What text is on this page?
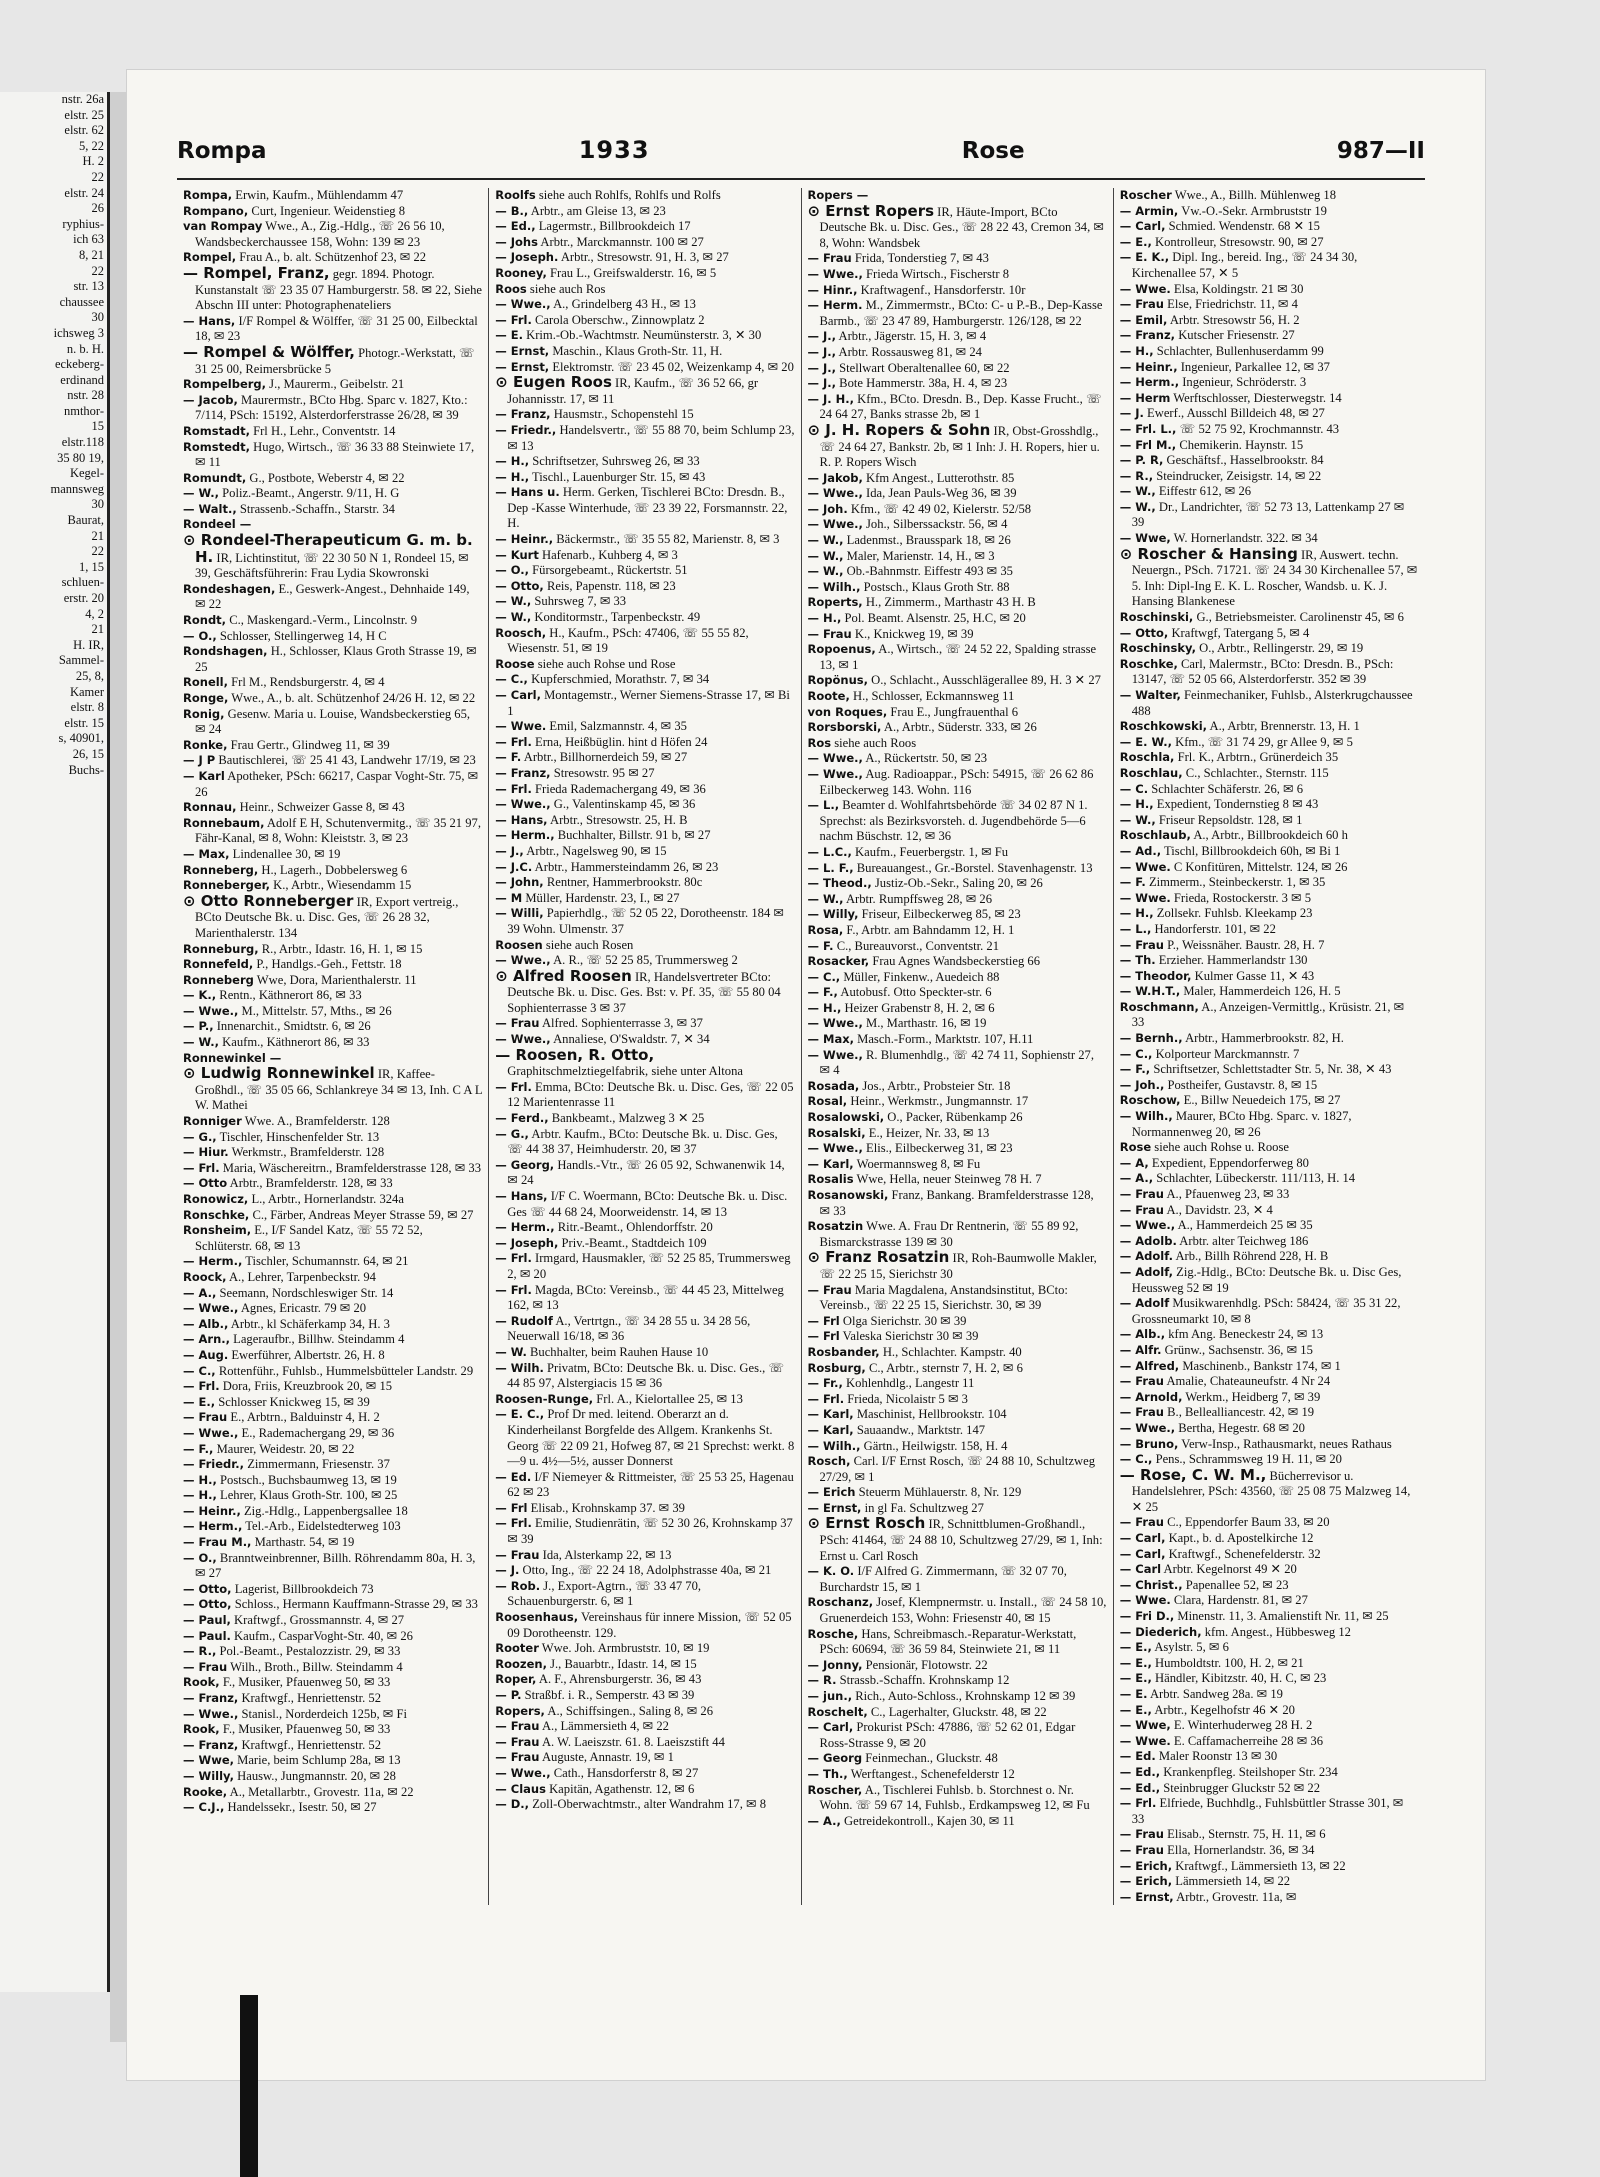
nstr. 26a
elstr. 25
elstr. 62
5, 22
H. 2
22
elstr. 24
26
ryphius-
ich 63
8, 21
22
str. 13
chaussee
30
ichsweg 3
n. b. H.
eckeberg-
erdinand
nstr. 28
nmthor-
15
elstr.118
35 80 19,
Kegel-
mannsweg
30
Baurat,
21
22
1, 15
schluen-
erstr. 20
4, 2
21
H. IR,
Sammel-
25, 8,
Kamer
elstr. 8
elstr. 15
s, 40901,
26, 15
Buchs-
Rompa	1933	Rose	987—II

Rompa, Erwin, Kaufm., Mühlendamm 47

Rompano, Curt, Ingenieur. Weidenstieg 8

van Rompay Wwe., A., Zig.-Hdlg., ☏ 26 56 10, Wandsbeckerchaussee 158, Wohn: 139 ✉ 23

Rompel, Frau A., b. alt. Schützenhof 23, ✉ 22

— Rompel, Franz, gegr. 1894. Photogr. Kunstanstalt ☏ 23 35 07 Hamburgerstr. 58. ✉ 22, Siehe Abschn III unter: Photographenateliers

— Hans, I/F Rompel & Wölffer, ☏ 31 25 00, Eilbecktal 18, ✉ 23

— Rompel & Wölffer, Photogr.-Werkstatt, ☏ 31 25 00, Reimersbrücke 5

Rompelberg, J., Maurerm., Geibelstr. 21

— Jacob, Maurermstr., BCto Hbg. Sparc v. 1827, Kto.: 7/114, PSch: 15192, Alsterdorferstrasse 26/28, ✉ 39

Romstadt, Frl H., Lehr., Conventstr. 14

Romstedt, Hugo, Wirtsch., ☏ 36 33 88 Steinwiete 17, ✉ 11

Romundt, G., Postbote, Weberstr 4, ✉ 22

— W., Poliz.-Beamt., Angerstr. 9/11, H. G

— Walt., Strassenb.-Schaffn., Starstr. 34

Rondeel —

⊙ Rondeel-Therapeuticum G. m. b. H. IR, Lichtinstitut, ☏ 22 30 50 N 1, Rondeel 15, ✉ 39, Geschäftsführerin: Frau Lydia Skowronski

Rondeshagen, E., Geswerk-Angest., Dehnhaide 149, ✉ 22

Rondt, C., Maskengard.-Verm., Lincolnstr. 9

— O., Schlosser, Stellingerweg 14, H C

Rondshagen, H., Schlosser, Klaus Groth Strasse 19, ✉ 25

Ronell, Frl M., Rendsburgerstr. 4, ✉ 4

Ronge, Wwe., A., b. alt. Schützenhof 24/26 H. 12, ✉ 22

Ronig, Gesenw. Maria u. Louise, Wandsbeckerstieg 65, ✉ 24

Ronke, Frau Gertr., Glindweg 11, ✉ 39

— J P Bautischlerei, ☏ 25 41 43, Landwehr 17/19, ✉ 23

— Karl Apotheker, PSch: 66217, Caspar Voght-Str. 75, ✉ 26

Ronnau, Heinr., Schweizer Gasse 8, ✉ 43

Ronnebaum, Adolf E H, Schutenvermitg., ☏ 35 21 97, Fähr-Kanal, ✉ 8, Wohn: Kleiststr. 3, ✉ 23

— Max, Lindenallee 30, ✉ 19

Ronneberg, H., Lagerh., Dobbelersweg 6

Ronneberger, K., Arbtr., Wiesendamm 15

⊙ Otto Ronneberger IR, Export vertreig., BCto Deutsche Bk. u. Disc. Ges, ☏ 26 28 32, Marienthalerstr. 134

Ronneburg, R., Arbtr., Idastr. 16, H. 1, ✉ 15

Ronnefeld, P., Handlgs.-Geh., Fettstr. 18

Ronneberg Wwe, Dora, Marienthalerstr. 11

— K., Rentn., Käthnerort 86, ✉ 33

— Wwe., M., Mittelstr. 57, Mths., ✉ 26

— P., Innenarchit., Smidtstr. 6, ✉ 26

— W., Kaufm., Käthnerort 86, ✉ 33

Ronnewinkel —

⊙ Ludwig Ronnewinkel IR, Kaffee-Großhdl., ☏ 35 05 66, Schlankreye 34 ✉ 13, Inh. C A L W. Mathei

Ronniger Wwe. A., Bramfelderstr. 128

— G., Tischler, Hinschenfelder Str. 13

— Hiur. Werkmstr., Bramfelderstr. 128

— Frl. Maria, Wäschereitrn., Bramfelderstrasse 128, ✉ 33

— Otto Arbtr., Bramfelderstr. 128, ✉ 33

Ronowicz, L., Arbtr., Hornerlandstr. 324a

Ronschke, C., Färber, Andreas Meyer Strasse 59, ✉ 27

Ronsheim, E., I/F Sandel Katz, ☏ 55 72 52, Schlüterstr. 68, ✉ 13

— Herm., Tischler, Schumannstr. 64, ✉ 21

Roock, A., Lehrer, Tarpenbeckstr. 94

— A., Seemann, Nordschleswiger Str. 14

— Wwe., Agnes, Ericastr. 79 ✉ 20

— Alb., Arbtr., kl Schäferkamp 34, H. 3

— Arn., Lageraufbr., Billhw. Steindamm 4

— Aug. Ewerführer, Albertstr. 26, H. 8

— C., Rottenführ., Fuhlsb., Hummelsbütteler Landstr. 29

— Frl. Dora, Friis, Kreuzbrook 20, ✉ 15

— E., Schlosser Knickweg 15, ✉ 39

— Frau E., Arbtrn., Balduinstr 4, H. 2

— Wwe., E., Rademachergang 29, ✉ 36

— F., Maurer, Weidestr. 20, ✉ 22

— Friedr., Zimmermann, Friesenstr. 37

— H., Postsch., Buchsbaumweg 13, ✉ 19

— H., Lehrer, Klaus Groth-Str. 100, ✉ 25

— Heinr., Zig.-Hdlg., Lappenbergsallee 18

— Herm., Tel.-Arb., Eidelstedterweg 103

— Frau M., Marthastr. 54, ✉ 19

— O., Branntweinbrenner, Billh. Röhrendamm 80a, H. 3, ✉ 27

— Otto, Lagerist, Billbrookdeich 73

— Otto, Schloss., Hermann Kauffmann-Strasse 29, ✉ 33

— Paul, Kraftwgf., Grossmannstr. 4, ✉ 27

— Paul. Kaufm., CasparVoght-Str. 40, ✉ 26

— R., Pol.-Beamt., Pestalozzistr. 29, ✉ 33

— Frau Wilh., Broth., Billw. Steindamm 4

Rook, F., Musiker, Pfauenweg 50, ✉ 33

— Franz, Kraftwgf., Henriettenstr. 52

— Wwe., Stanisl., Norderdeich 125b, ✉ Fi

Rook, F., Musiker, Pfauenweg 50, ✉ 33

— Franz, Kraftwgf., Henriettenstr. 52

— Wwe, Marie, beim Schlump 28a, ✉ 13

— Willy, Hausw., Jungmannstr. 20, ✉ 28

Rooke, A., Metallarbtr., Grovestr. 11a, ✉ 22

— C.J., Handelssekr., Isestr. 50, ✉ 27

Roolfs siehe auch Rohlfs, Rohlfs und Rolfs

— B., Arbtr., am Gleise 13, ✉ 23

— Ed., Lagermstr., Billbrookdeich 17

— Johs Arbtr., Marckmannstr. 100 ✉ 27

— Joseph. Arbtr., Stresowstr. 91, H. 3, ✉ 27

Rooney, Frau L., Greifswalderstr. 16, ✉ 5

Roos siehe auch Ros

— Wwe., A., Grindelberg 43 H., ✉ 13

— Frl. Carola Oberschw., Zinnowplatz 2

— E. Krim.-Ob.-Wachtmstr. Neumünsterstr. 3, ✕ 30

— Ernst, Maschin., Klaus Groth-Str. 11, H.

— Ernst, Elektromstr. ☏ 23 45 02, Weizenkamp 4, ✉ 20

⊙ Eugen Roos IR, Kaufm., ☏ 36 52 66, gr Johannisstr. 17, ✉ 11

— Franz, Hausmstr., Schopenstehl 15

— Friedr., Handelsvertr., ☏ 55 88 70, beim Schlump 23, ✉ 13

— H., Schriftsetzer, Suhrsweg 26, ✉ 33

— H., Tischl., Lauenburger Str. 15, ✉ 43

— Hans u. Herm. Gerken, Tischlerei BCto: Dresdn. B., Dep -Kasse Winterhude, ☏ 23 39 22, Forsmannstr. 22, H.

— Heinr., Bäckermstr., ☏ 35 55 82, Marienstr. 8, ✉ 3

— Kurt Hafenarb., Kuhberg 4, ✉ 3

— O., Fürsorgebeamt., Rückertstr. 51

— Otto, Reis, Papenstr. 118, ✉ 23

— W., Suhrsweg 7, ✉ 33

— W., Konditormstr., Tarpenbeckstr. 49

Roosch, H., Kaufm., PSch: 47406, ☏ 55 55 82, Wiesenstr. 51, ✉ 19

Roose siehe auch Rohse und Rose

— C., Kupferschmied, Morathstr. 7, ✉ 34

— Carl, Montagemstr., Werner Siemens-Strasse 17, ✉ Bi 1

— Wwe. Emil, Salzmannstr. 4, ✉ 35

— Frl. Erna, Heißbüglin. hint d Höfen 24

— F. Arbtr., Billhornerdeich 59, ✉ 27

— Franz, Stresowstr. 95 ✉ 27

— Frl. Frieda Rademachergang 49, ✉ 36

— Wwe., G., Valentinskamp 45, ✉ 36

— Hans, Arbtr., Stresowstr. 25, H. B

— Herm., Buchhalter, Billstr. 91 b, ✉ 27

— J., Arbtr., Nagelsweg 90, ✉ 15

— J.C. Arbtr., Hammersteindamm 26, ✉ 23

— John, Rentner, Hammerbrookstr. 80c

— M Müller, Hardenstr. 23, I., ✉ 27

— Willi, Papierhdlg., ☏ 52 05 22, Dorotheenstr. 184 ✉ 39 Wohn. Ulmenstr. 37

Roosen siehe auch Rosen

— Wwe., A. R., ☏ 52 25 85, Trummersweg 2

⊙ Alfred Roosen IR, Handelsvertreter BCto: Deutsche Bk. u. Disc. Ges. Bst: v. Pf. 35, ☏ 55 80 04 Sophienterrasse 3 ✉ 37

— Frau Alfred. Sophienterrasse 3, ✉ 37

— Wwe., Annaliese, O'Swaldstr. 7, ✕ 34

— Roosen, R. Otto, Graphitschmelztiegelfabrik, siehe unter Altona

— Frl. Emma, BCto: Deutsche Bk. u. Disc. Ges, ☏ 22 05 12 Marientenrasse 11

— Ferd., Bankbeamt., Malzweg 3 ✕ 25

— G., Arbtr. Kaufm., BCto: Deutsche Bk. u. Disc. Ges, ☏ 44 38 37, Heimhuderstr. 20, ✉ 37

— Georg, Handls.-Vtr., ☏ 26 05 92, Schwanenwik 14, ✉ 24

— Hans, I/F C. Woermann, BCto: Deutsche Bk. u. Disc. Ges ☏ 44 68 24, Moorweidenstr. 14, ✉ 13

— Herm., Ritr.-Beamt., Ohlendorffstr. 20

— Joseph, Priv.-Beamt., Stadtdeich 109

— Frl. Irmgard, Hausmakler, ☏ 52 25 85, Trummersweg 2, ✉ 20

— Frl. Magda, BCto: Vereinsb., ☏ 44 45 23, Mittelweg 162, ✉ 13

— Rudolf A., Vertrtgn., ☏ 34 28 55 u. 34 28 56, Neuerwall 16/18, ✉ 36

— W. Buchhalter, beim Rauhen Hause 10

— Wilh. Privatm, BCto: Deutsche Bk. u. Disc. Ges., ☏ 44 85 97, Alstergiacis 15 ✉ 36

Roosen-Runge, Frl. A., Kielortallee 25, ✉ 13

— E. C., Prof Dr med. leitend. Oberarzt an d. Kinderheilanst Borgfelde des Allgem. Krankenhs St. Georg ☏ 22 09 21, Hofweg 87, ✉ 21 Sprechst: werkt. 8—9 u. 4½—5½, ausser Donnerst

— Ed. I/F Niemeyer & Rittmeister, ☏ 25 53 25, Hagenau 62 ✉ 23

— Frl Elisab., Krohnskamp 37. ✉ 39

— Frl. Emilie, Studienrätin, ☏ 52 30 26, Krohnskamp 37 ✉ 39

— Frau Ida, Alsterkamp 22, ✉ 13

— J. Otto, Ing., ☏ 22 24 18, Adolphstrasse 40a, ✉ 21

— Rob. J., Export-Agtrn., ☏ 33 47 70, Schauenburgerstr. 6, ✉ 1

Roosenhaus, Vereinshaus für innere Mission, ☏ 52 05 09 Dorotheenstr. 129.

Rooter Wwe. Joh. Armbruststr. 10, ✉ 19

Roozen, J., Bauarbtr., Idastr. 14, ✉ 15

Roper, A. F., Ahrensburgerstr. 36, ✉ 43

— P. Straßbf. i. R., Semperstr. 43 ✉ 39

Ropers, A., Schiffsingen., Saling 8, ✉ 26

— Frau A., Lämmersieth 4, ✉ 22

— Frau A. W. Laeiszstr. 61. 8. Laeiszstift 44

— Frau Auguste, Annastr. 19, ✉ 1

— Wwe., Cath., Hansdorferstr 8, ✉ 27

— Claus Kapitän, Agathenstr. 12, ✉ 6

— D., Zoll-Oberwachtmstr., alter Wandrahm 17, ✉ 8

Ropers —

⊙ Ernst Ropers IR, Häute-Import, BCto Deutsche Bk. u. Disc. Ges., ☏ 28 22 43, Cremon 34, ✉ 8, Wohn: Wandsbek

— Frau Frida, Tonderstieg 7, ✉ 43

— Wwe., Frieda Wirtsch., Fischerstr 8

— Hinr., Kraftwagenf., Hansdorferstr. 10r

— Herm. M., Zimmermstr., BCto: C- u P.-B., Dep-Kasse Barmb., ☏ 23 47 89, Hamburgerstr. 126/128, ✉ 22

— J., Arbtr., Jägerstr. 15, H. 3, ✉ 4

— J., Arbtr. Rossausweg 81, ✉ 24

— J., Stellwart Oberaltenallee 60, ✉ 22

— J., Bote Hammerstr. 38a, H. 4, ✉ 23

— J. H., Kfm., BCto. Dresdn. B., Dep. Kasse Frucht., ☏ 24 64 27, Banks strasse 2b, ✉ 1

⊙ J. H. Ropers & Sohn IR, Obst-Grosshdlg., ☏ 24 64 27, Bankstr. 2b, ✉ 1 Inh: J. H. Ropers, hier u. R. P. Ropers Wisch

— Jakob, Kfm Angest., Lutterothstr. 85

— Wwe., Ida, Jean Pauls-Weg 36, ✉ 39

— Joh. Kfm., ☏ 42 49 02, Kielerstr. 52/58

— Wwe., Joh., Silberssackstr. 56, ✉ 4

— W., Ladenmst., Brausspark 18, ✉ 26

— W., Maler, Marienstr. 14, H., ✉ 3

— W., Ob.-Bahnmstr. Eiffestr 493 ✉ 35

— Wilh., Postsch., Klaus Groth Str. 88

Roperts, H., Zimmerm., Marthastr 43 H. B

— H., Pol. Beamt. Alsenstr. 25, H.C, ✉ 20

— Frau K., Knickweg 19, ✉ 39

Ropoenus, A., Wirtsch., ☏ 24 52 22, Spalding strasse 13, ✉ 1

Ropönus, O., Schlacht., Ausschlägerallee 89, H. 3 ✕ 27

Roote, H., Schlosser, Eckmannsweg 11

von Roques, Frau E., Jungfrauenthal 6

Rorsborski, A., Arbtr., Süderstr. 333, ✉ 26

Ros siehe auch Roos

— Wwe., A., Rückertstr. 50, ✉ 23

— Wwe., Aug. Radioappar., PSch: 54915, ☏ 26 62 86 Eilbeckerweg 143. Wohn. 116

— L., Beamter d. Wohlfahrtsbehörde ☏ 34 02 87 N 1. Sprechst: als Bezirksvorsteh. d. Jugendbehörde 5—6 nachm Büschstr. 12, ✉ 36

— L.C., Kaufm., Feuerbergstr. 1, ✉ Fu

— L. F., Bureauangest., Gr.-Borstel. Stavenhagenstr. 13

— Theod., Justiz-Ob.-Sekr., Saling 20, ✉ 26

— W., Arbtr. Rumpffsweg 28, ✉ 26

— Willy, Friseur, Eilbeckerweg 85, ✉ 23

Rosa, F., Arbtr. am Bahndamm 12, H. 1

— F. C., Bureauvorst., Conventstr. 21

Rosacker, Frau Agnes Wandsbeckerstieg 66

— C., Müller, Finkenw., Auedeich 88

— F., Autobusf. Otto Speckter-str. 6

— H., Heizer Grabenstr 8, H. 2, ✉ 6

— Wwe., M., Marthastr. 16, ✉ 19

— Max, Masch.-Form., Marktstr. 107, H.11

— Wwe., R. Blumenhdlg., ☏ 42 74 11, Sophienstr 27, ✉ 4

Rosada, Jos., Arbtr., Probsteier Str. 18

Rosal, Heinr., Werkmstr., Jungmannstr. 17

Rosalowski, O., Packer, Rübenkamp 26

Rosalski, E., Heizer, Nr. 33, ✉ 13

— Wwe., Elis., Eilbeckerweg 31, ✉ 23

— Karl, Woermannsweg 8, ✉ Fu

Rosalis Wwe, Hella, neuer Steinweg 78 H. 7

Rosanowski, Franz, Bankang. Bramfelderstrasse 128, ✉ 33

Rosatzin Wwe. A. Frau Dr Rentnerin, ☏ 55 89 92, Bismarckstrasse 139 ✉ 30

⊙ Franz Rosatzin IR, Roh-Baumwolle Makler, ☏ 22 25 15, Sierichstr 30

— Frau Maria Magdalena, Anstandsinstitut, BCto: Vereinsb., ☏ 22 25 15, Sierichstr. 30, ✉ 39

— Frl Olga Sierichstr. 30 ✉ 39

— Frl Valeska Sierichstr 30 ✉ 39

Rosbander, H., Schlachter. Kampstr. 40

Rosburg, C., Arbtr., sternstr 7, H. 2, ✉ 6

— Fr., Kohlenhdlg., Langestr 11

— Frl. Frieda, Nicolaistr 5 ✉ 3

— Karl, Maschinist, Hellbrookstr. 104

— Karl, Sauaandw., Marktstr. 147

— Wilh., Gärtn., Heilwigstr. 158, H. 4

Rosch, Carl. I/F Ernst Rosch, ☏ 24 88 10, Schultzweg 27/29, ✉ 1

— Erich Steuerm Mühlauerstr. 8, Nr. 129

— Ernst, in gl Fa. Schultzweg 27

⊙ Ernst Rosch IR, Schnittblumen-Großhandl., PSch: 41464, ☏ 24 88 10, Schultzweg 27/29, ✉ 1, Inh: Ernst u. Carl Rosch

— K. O. I/F Alfred G. Zimmermann, ☏ 32 07 70, Burchardstr 15, ✉ 1

Roschanz, Josef, Klempnermstr. u. Install., ☏ 24 58 10, Gruenerdeich 153, Wohn: Friesenstr 40, ✉ 15

Rosche, Hans, Schreibmasch.-Reparatur-Werkstatt, PSch: 60694, ☏ 36 59 84, Steinwiete 21, ✉ 11

— Jonny, Pensionär, Flotowstr. 22

— R. Strassb.-Schaffn. Krohnskamp 12

— jun., Rich., Auto-Schloss., Krohnskamp 12 ✉ 39

Roschelt, C., Lagerhalter, Gluckstr. 48, ✉ 22

— Carl, Prokurist PSch: 47886, ☏ 52 62 01, Edgar Ross-Strasse 9, ✉ 20

— Georg Feinmechan., Gluckstr. 48

— Th., Werftangest., Schenefelderstr 12

Roscher, A., Tischlerei Fuhlsb. b. Storchnest o. Nr. Wohn. ☏ 59 67 14, Fuhlsb., Erdkampsweg 12, ✉ Fu

— A., Getreidekontroll., Kajen 30, ✉ 11

Roscher Wwe., A., Billh. Mühlenweg 18

— Armin, Vw.-O.-Sekr. Armbruststr 19

— Carl, Schmied. Wendenstr. 68 ✕ 15

— E., Kontrolleur, Stresowstr. 90, ✉ 27

— E. K., Dipl. Ing., bereid. Ing., ☏ 24 34 30, Kirchenallee 57, ✕ 5

— Wwe. Elsa, Koldingstr. 21 ✉ 30

— Frau Else, Friedrichstr. 11, ✉ 4

— Emil, Arbtr. Stresowstr 56, H. 2

— Franz, Kutscher Friesenstr. 27

— H., Schlachter, Bullenhuserdamm 99

— Heinr., Ingenieur, Parkallee 12, ✉ 37

— Herm., Ingenieur, Schröderstr. 3

— Herm Werftschlosser, Diesterwegstr. 14

— J. Ewerf., Ausschl Billdeich 48, ✉ 27

— Frl. L., ☏ 52 75 92, Krochmannstr. 43

— Frl M., Chemikerin. Haynstr. 15

— P. R, Geschäftsf., Hasselbrookstr. 84

— R., Steindrucker, Zeisigstr. 14, ✉ 22

— W., Eiffestr 612, ✉ 26

— W., Dr., Landrichter, ☏ 52 73 13, Lattenkamp 27 ✉ 39

— Wwe, W. Hornerlandstr. 322. ✉ 34

⊙ Roscher & Hansing IR, Auswert. techn. Neuergn., PSch. 71721. ☏ 24 34 30 Kirchenallee 57, ✉ 5. Inh: Dipl-Ing E. K. L. Roscher, Wandsb. u. K. J. Hansing Blankenese

Roschinski, G., Betriebsmeister. Carolinenstr 45, ✉ 6

— Otto, Kraftwgf, Tatergang 5, ✉ 4

Roschinsky, O., Arbtr., Rellingerstr. 29, ✉ 19

Roschke, Carl, Malermstr., BCto: Dresdn. B., PSch: 13147, ☏ 52 05 66, Alsterdorferstr. 352 ✉ 39

— Walter, Feinmechaniker, Fuhlsb., Alsterkrugchaussee 488

Roschkowski, A., Arbtr, Brennerstr. 13, H. 1

— E. W., Kfm., ☏ 31 74 29, gr Allee 9, ✉ 5

Roschla, Frl. K., Arbtrn., Grünerdeich 35

Roschlau, C., Schlachter., Sternstr. 115

— C. Schlachter Schäferstr. 26, ✉ 6

— H., Expedient, Tondernstieg 8 ✉ 43

— W., Friseur Repsoldstr. 128, ✉ 1

Roschlaub, A., Arbtr., Billbrookdeich 60 h

— Ad., Tischl, Billbrookdeich 60h, ✉ Bi 1

— Wwe. C Konfitüren, Mittelstr. 124, ✉ 26

— F. Zimmerm., Steinbeckerstr. 1, ✉ 35

— Wwe. Frieda, Rostockerstr. 3 ✉ 5

— H., Zollsekr. Fuhlsb. Kleekamp 23

— L., Handorferstr. 101, ✉ 22

— Frau P., Weissnäher. Baustr. 28, H. 7

— Th. Erzieher. Hammerlandstr 130

— Theodor, Kulmer Gasse 11, ✕ 43

— W.H.T., Maler, Hammerdeich 126, H. 5

Roschmann, A., Anzeigen-Vermittlg., Krüsistr. 21, ✉ 33

— Bernh., Arbtr., Hammerbrookstr. 82, H.

— C., Kolporteur Marckmannstr. 7

— F., Schriftsetzer, Schlettstadter Str. 5, Nr. 38, ✕ 43

— Joh., Postheifer, Gustavstr. 8, ✉ 15

Roschow, E., Billw Neuedeich 175, ✉ 27

— Wilh., Maurer, BCto Hbg. Sparc. v. 1827, Normannenweg 20, ✉ 26

Rose siehe auch Rohse u. Roose

— A, Expedient, Eppendorferweg 80

— A., Schlachter, Lübeckerstr. 111/113, H. 14

— Frau A., Pfauenweg 23, ✉ 33

— Frau A., Davidstr. 23, ✕ 4

— Wwe., A., Hammerdeich 25 ✉ 35

— Adolb. Arbtr. alter Teichweg 186

— Adolf. Arb., Billh Röhrend 228, H. B

— Adolf, Zig.-Hdlg., BCto: Deutsche Bk. u. Disc Ges, Heussweg 52 ✉ 19

— Adolf Musikwarenhdlg. PSch: 58424, ☏ 35 31 22, Grossneumarkt 10, ✉ 8

— Alb., kfm Ang. Beneckestr 24, ✉ 13

— Alfr. Grünw., Sachsenstr. 36, ✉ 15

— Alfred, Maschinenb., Bankstr 174, ✉ 1

— Frau Amalie, Chateauneufstr. 4 Nr 24

— Arnold, Werkm., Heidberg 7, ✉ 39

— Frau B., Bellealliancestr. 42, ✉ 19

— Wwe., Bertha, Hegestr. 68 ✉ 20

— Bruno, Verw-Insp., Rathausmarkt, neues Rathaus

— C., Pens., Schrammsweg 19 H. 11, ✉ 20

— Rose, C. W. M., Bücherrevisor u. Handelslehrer, PSch: 43560, ☏ 25 08 75 Malzweg 14, ✕ 25

— Frau C., Eppendorfer Baum 33, ✉ 20

— Carl, Kapt., b. d. Apostelkirche 12

— Carl, Kraftwgf., Schenefelderstr. 32

— Carl Arbtr. Kegelnorst 49 ✕ 20

— Christ., Papenallee 52, ✉ 23

— Wwe. Clara, Hardenstr. 81, ✉ 27

— Fri D., Minenstr. 11, 3. Amalienstift Nr. 11, ✉ 25

— Diederich, kfm. Angest., Hübbesweg 12

— E., Asylstr. 5, ✉ 6

— E., Humboldtstr. 100, H. 2, ✉ 21

— E., Händler, Kibitzstr. 40, H. C, ✉ 23

— E. Arbtr. Sandweg 28a. ✉ 19

— E., Arbtr., Kegelhofstr 46 ✕ 20

— Wwe, E. Winterhuderweg 28 H. 2

— Wwe. E. Caffamacherreihe 28 ✉ 36

— Ed. Maler Roonstr 13 ✉ 30

— Ed., Krankenpfleg. Steilshoper Str. 234

— Ed., Steinbrugger Gluckstr 52 ✉ 22

— Frl. Elfriede, Buchhdlg., Fuhlsbüttler Strasse 301, ✉ 33

— Frau Elisab., Sternstr. 75, H. 11, ✉ 6

— Frau Ella, Hornerlandstr. 36, ✉ 34

— Erich, Kraftwgf., Lämmersieth 13, ✉ 22

— Erich, Lämmersieth 14, ✉ 22

— Ernst, Arbtr., Grovestr. 11a, ✉
